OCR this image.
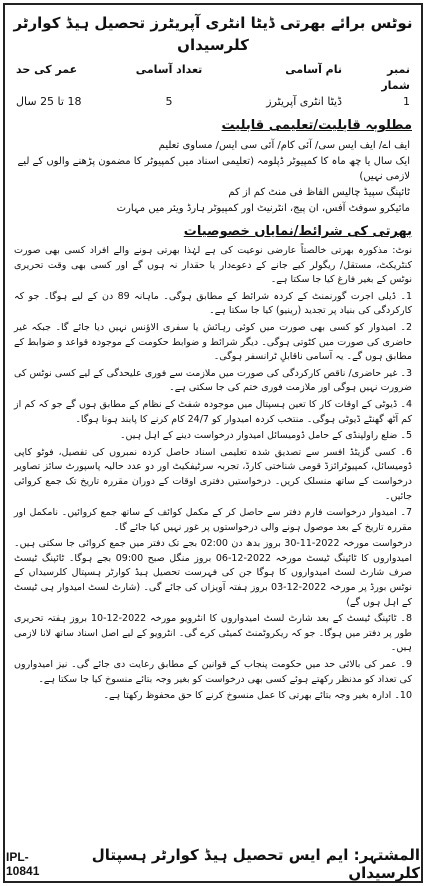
نوٹس برائے بھرتی ڈیٹا انٹری آپریٹرز تحصیل ہیڈ کوارٹر کلرسیداں
نمبر شمار
نام آسامی
تعداد آسامی
عمر کی حد
1
ڈیٹا انٹری آپریٹرز
5
18 تا 25 سال
مطلوبہ قابلیت/تعلیمی قابلیت
ایف اے/ ایف ایس سی/ آئی کام/ آئی سی ایس/ مساوی تعلیم
ایک سال یا چھ ماہ کا کمپیوٹر ڈپلومہ (تعلیمی اسناد میں کمپیوٹر کا مضمون پڑھنے والوں کے لیے لازمی نہیں)
ٹائپنگ سپیڈ چالیس الفاظ فی منٹ کم از کم
مائیکرو سوفٹ آفس، ان پیج، انٹرنیٹ اور کمپیوٹر ہارڈ ویئر میں مہارت
بھرتی کی شرائط/نمایاں خصوصیات
نوٹ: مذکورہ بھرتی خالصتاً عارضی نوعیت کی ہے لہٰذا بھرتی ہونے والے افراد کسی بھی صورت کنٹریکٹ، مستقل/ ریگولر کیے جانے کے دعوےدار یا حقدار نہ ہوں گے اور کسی بھی وقت تحریری نوٹس کے بغیر فارغ کیا جا سکتا ہے۔
1۔ ڈیلی اجرت گورنمنٹ کے کردہ شرائط کے مطابق ہوگی۔ ماہانہ 89 دن کے لیے ہوگا۔ جو کہ کارکردگی کی بنیاد پر تجدید (رینیو) کیا جا سکتا ہے۔
2۔ امیدوار کو کسی بھی صورت میں کوئی رہائش یا سفری الاؤنس نہیں دیا جائے گا۔ جبکہ غیر حاضری کی صورت میں کٹوتی ہوگی۔ دیگر شرائط و ضوابط حکومت کے موجودہ قواعد و ضوابط کے مطابق ہوں گے۔ یہ آسامی ناقابلِ ٹرانسفر ہوگی۔
3۔ غیر حاضری/ ناقص کارکردگی کی صورت میں ملازمت سے فوری علیحدگی کے لیے کسی نوٹس کی ضرورت نہیں ہوگی اور ملازمت فوری ختم کی جا سکتی ہے۔
4۔ ڈیوٹی کے اوقات کار کا تعین ہسپتال میں موجودہ شفٹ کے نظام کے مطابق ہوں گے جو کہ کم از کم آٹھ گھنٹے ڈیوٹی ہوگی۔ منتخب کردہ امیدوار کو 24/7 کام کرنے کا پابند ہونا ہوگا۔
5۔ ضلع راولپنڈی کے حامل ڈومیسائل امیدوار درخواست دینے کے اہل ہیں۔
6۔ کسی گزیٹڈ افسر سے تصدیق شدہ تعلیمی اسناد حاصل کردہ نمبروں کی تفصیل، فوٹو کاپی ڈومیسائل، کمپیوٹرائزڈ قومی شناختی کارڈ، تجربہ سرٹیفکیٹ اور دو عدد حالیہ پاسپورٹ سائز تصاویر درخواست کے ساتھ منسلک کریں۔ درخواستیں دفتری اوقات کے دوران مقررہ تاریخ تک جمع کروائی جائیں۔
7۔ امیدوار درخواست فارم دفتر سے حاصل کر کے مکمل کوائف کے ساتھ جمع کروائیں۔ نامکمل اور مقررہ تاریخ کے بعد موصول ہونے والی درخواستوں پر غور نہیں کیا جائے گا۔
درخواست مورخہ 2022-11-30 بروز بدھ دن 02:00 بجے تک دفتر میں جمع کروائی جا سکتی ہیں۔ امیدواروں کا ٹائپنگ ٹیسٹ مورخہ 2022-12-06 بروز منگل صبح 09:00 بجے ہوگا۔ ٹائپنگ ٹیسٹ صرف شارٹ لسٹ امیدواروں کا ہوگا جن کی فہرست تحصیل ہیڈ کوارٹر ہسپتال کلرسیداں کے نوٹس بورڈ پر مورخہ 2022-12-03 بروز ہفتہ آویزاں کی جائے گی۔ (شارٹ لسٹ امیدوار ہی ٹیسٹ کے اہل ہوں گے)
8۔ ٹائپنگ ٹیسٹ کے بعد شارٹ لسٹ امیدواروں کا انٹرویو مورخہ 2022-12-10 بروز ہفتہ تحریری طور پر دفتر میں ہوگا۔ جو کہ ریکروٹمنٹ کمیٹی کرے گی۔ انٹرویو کے لیے اصل اسناد ساتھ لانا لازمی ہیں۔
9۔ عمر کی بالائی حد میں حکومت پنجاب کے قوانین کے مطابق رعایت دی جائے گی۔ نیز امیدواروں کی تعداد کو مدنظر رکھتے ہوئے کسی بھی درخواست کو بغیر وجہ بتائے منسوخ کیا جا سکتا ہے۔
10۔ ادارہ بغیر وجہ بتائے بھرتی کا عمل منسوخ کرنے کا حق محفوظ رکھتا ہے۔
المشتہر: ایم ایس تحصیل ہیڈ کوارٹر ہسپتال کلرسیداں
IPL-10841
